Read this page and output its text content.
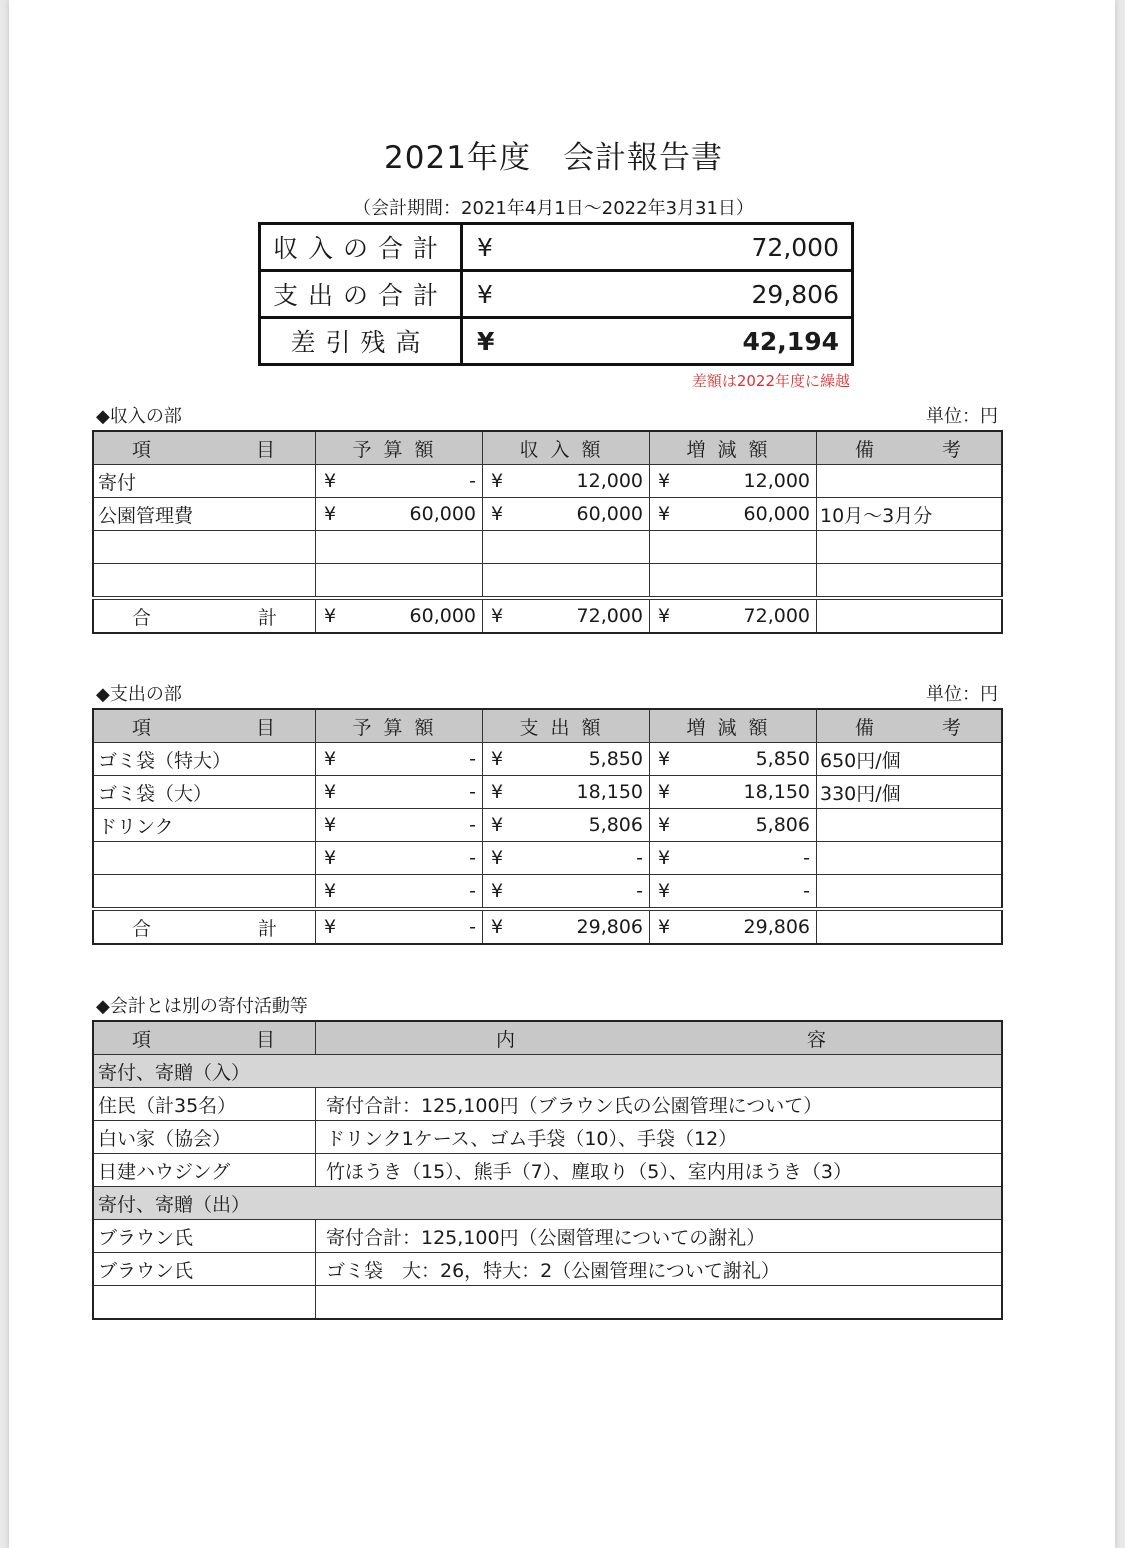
2021年度　会計報告書
（会計期間：2021年4月1日〜2022年3月31日）
収入の合計	¥	72,000
支出の合計	¥	29,806
差引残高	¥	42,194
差額は2022年度に繰越
◆収入の部	単位：円
項 目	予算額	収入額	増減額	備 考

寄付	¥ -	¥ 12,000	¥ 12,000	

公園管理費	¥ 60,000	¥ 60,000	¥ 60,000	10月〜3月分

合 計	¥ 60,000	¥ 72,000	¥ 72,000	

◆支出の部	単位：円
項 目	予算額	支出額	増減額	備 考

ゴミ袋（特大）	¥ -	¥ 5,850	¥ 5,850	650円/個
ゴミ袋（大）	¥ -	¥ 18,150	¥ 18,150	330円/個
ドリンク	¥ -	¥ 5,806	¥ 5,806	

	¥ -	¥ -	¥ -	

	¥ -	¥ -	¥ -	

合 計	¥ -	¥ 29,806	¥ 29,806	

◆会計とは別の寄付活動等
項 目	内 容

寄付、寄贈（入）	
住民（計35名）	寄付合計：125,100円（ブラウン氏の公園管理について）
白い家（協会）	ドリンク1ケース、ゴム手袋（10）、手袋（12）
日建ハウジング	竹ほうき（15）、熊手（7）、塵取り（5）、室内用ほうき（3）
寄付、寄贈（出）	
ブラウン氏	寄付合計：125,100円（公園管理についての謝礼）
ブラウン氏	ゴミ袋　大：26，特大：2（公園管理について謝礼）
